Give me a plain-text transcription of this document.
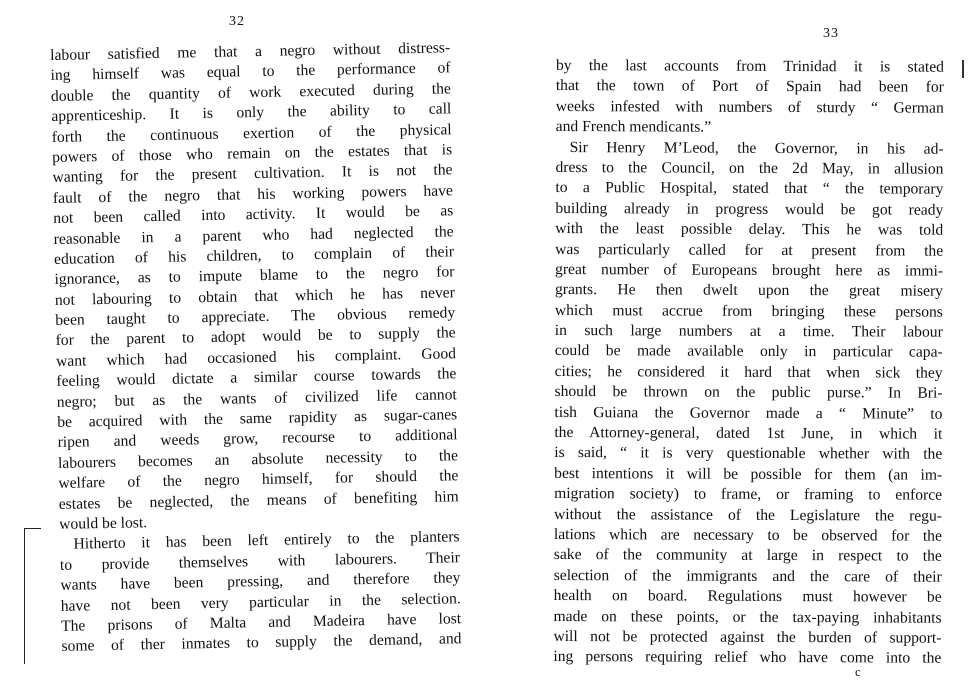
32
labour satisfied me that a negro without distress-
ing himself was equal to the performance of
double the quantity of work executed during the
apprenticeship. It is only the ability to call
forth the continuous exertion of the physical
powers of those who remain on the estates that is
wanting for the present cultivation. It is not the
fault of the negro that his working powers have
not been called into activity. It would be as
reasonable in a parent who had neglected the
education of his children, to complain of their
ignorance, as to impute blame to the negro for
not labouring to obtain that which he has never
been taught to appreciate. The obvious remedy
for the parent to adopt would be to supply the
want which had occasioned his complaint. Good
feeling would dictate a similar course towards the
negro; but as the wants of civilized life cannot
be acquired with the same rapidity as sugar-canes
ripen and weeds grow, recourse to additional
labourers becomes an absolute necessity to the
welfare of the negro himself, for should the
estates be neglected, the means of benefiting him
would be lost.
Hitherto it has been left entirely to the planters
to provide themselves with labourers. Their
wants have been pressing, and therefore they
have not been very particular in the selection.
The prisons of Malta and Madeira have lost
some of ther inmates to supply the demand, and
33
by the last accounts from Trinidad it is stated
that the town of Port of Spain had been for
weeks infested with numbers of sturdy “ German
and French mendicants.”
Sir Henry M’Leod, the Governor, in his ad-
dress to the Council, on the 2d May, in allusion
to a Public Hospital, stated that “ the temporary
building already in progress would be got ready
with the least possible delay. This he was told
was particularly called for at present from the
great number of Europeans brought here as immi-
grants. He then dwelt upon the great misery
which must accrue from bringing these persons
in such large numbers at a time. Their labour
could be made available only in particular capa-
cities; he considered it hard that when sick they
should be thrown on the public purse.” In Bri-
tish Guiana the Governor made a “ Minute” to
the Attorney-general, dated 1st June, in which it
is said, “ it is very questionable whether with the
best intentions it will be possible for them (an im-
migration society) to frame, or framing to enforce
without the assistance of the Legislature the regu-
lations which are necessary to be observed for the
sake of the community at large in respect to the
selection of the immigrants and the care of their
health on board. Regulations must however be
made on these points, or the tax-paying inhabitants
will not be protected against the burden of support-
ing persons requiring relief who have come into the
c
